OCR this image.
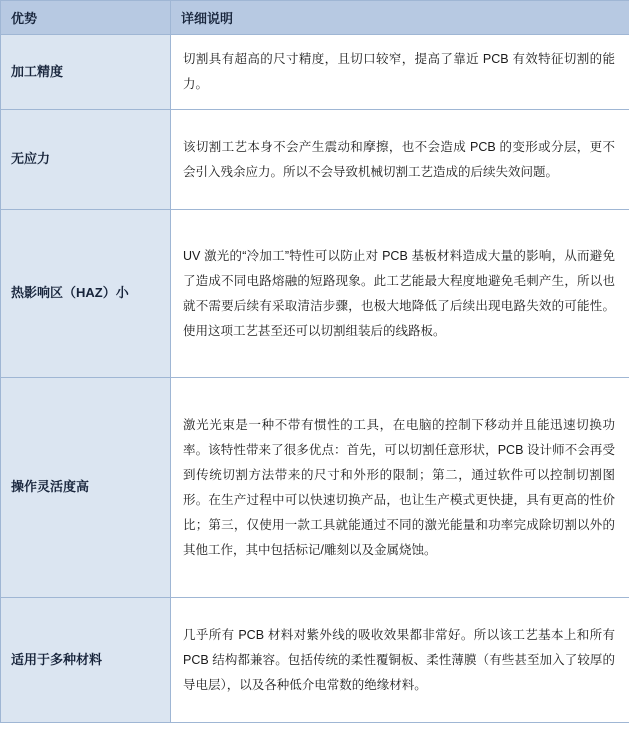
优势	详细说明
加工精度	切割具有超高的尺寸精度，且切口较窄，提高了靠近 PCB 有效特征切割的能力。
无应力	该切割工艺本身不会产生震动和摩擦，也不会造成 PCB 的变形或分层，更不会引入残余应力。所以不会导致机械切割工艺造成的后续失效问题。
热影响区（HAZ）小	UV 激光的“冷加工”特性可以防止对 PCB 基板材料造成大量的影响，从而避免了造成不同电路熔融的短路现象。此工艺能最大程度地避免毛刺产生，所以也就不需要后续有采取清洁步骤，也极大地降低了后续出现电路失效的可能性。使用这项工艺甚至还可以切割组装后的线路板。
操作灵活度高	激光光束是一种不带有惯性的工具，在电脑的控制下移动并且能迅速切换功率。该特性带来了很多优点：首先，可以切割任意形状，PCB 设计师不会再受到传统切割方法带来的尺寸和外形的限制；第二，通过软件可以控制切割图形。在生产过程中可以快速切换产品，也让生产模式更快捷，具有更高的性价比；第三，仅使用一款工具就能通过不同的激光能量和功率完成除切割以外的其他工作，其中包括标记/雕刻以及金属烧蚀。
适用于多种材料	几乎所有 PCB 材料对紫外线的吸收效果都非常好。所以该工艺基本上和所有 PCB 结构都兼容。包括传统的柔性覆铜板、柔性薄膜（有些甚至加入了较厚的导电层），以及各种低介电常数的绝缘材料。
